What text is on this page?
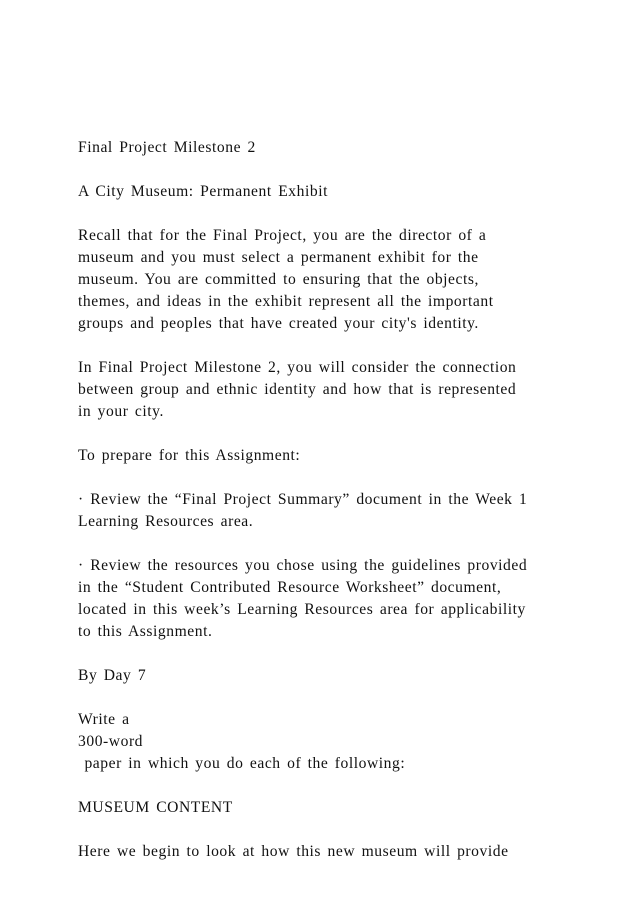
Final Project Milestone 2
A City Museum: Permanent Exhibit
Recall that for the Final Project, you are the director of a
museum and you must select a permanent exhibit for the
museum. You are committed to ensuring that the objects,
themes, and ideas in the exhibit represent all the important
groups and peoples that have created your city's identity.
In Final Project Milestone 2, you will consider the connection
between group and ethnic identity and how that is represented
in your city.
To prepare for this Assignment:
· Review the “Final Project Summary” document in the Week 1
Learning Resources area.
· Review the resources you chose using the guidelines provided
in the “Student Contributed Resource Worksheet” document,
located in this week’s Learning Resources area for applicability
to this Assignment.
By Day 7
Write a
300-word
paper in which you do each of the following:
MUSEUM CONTENT
Here we begin to look at how this new museum will provide
